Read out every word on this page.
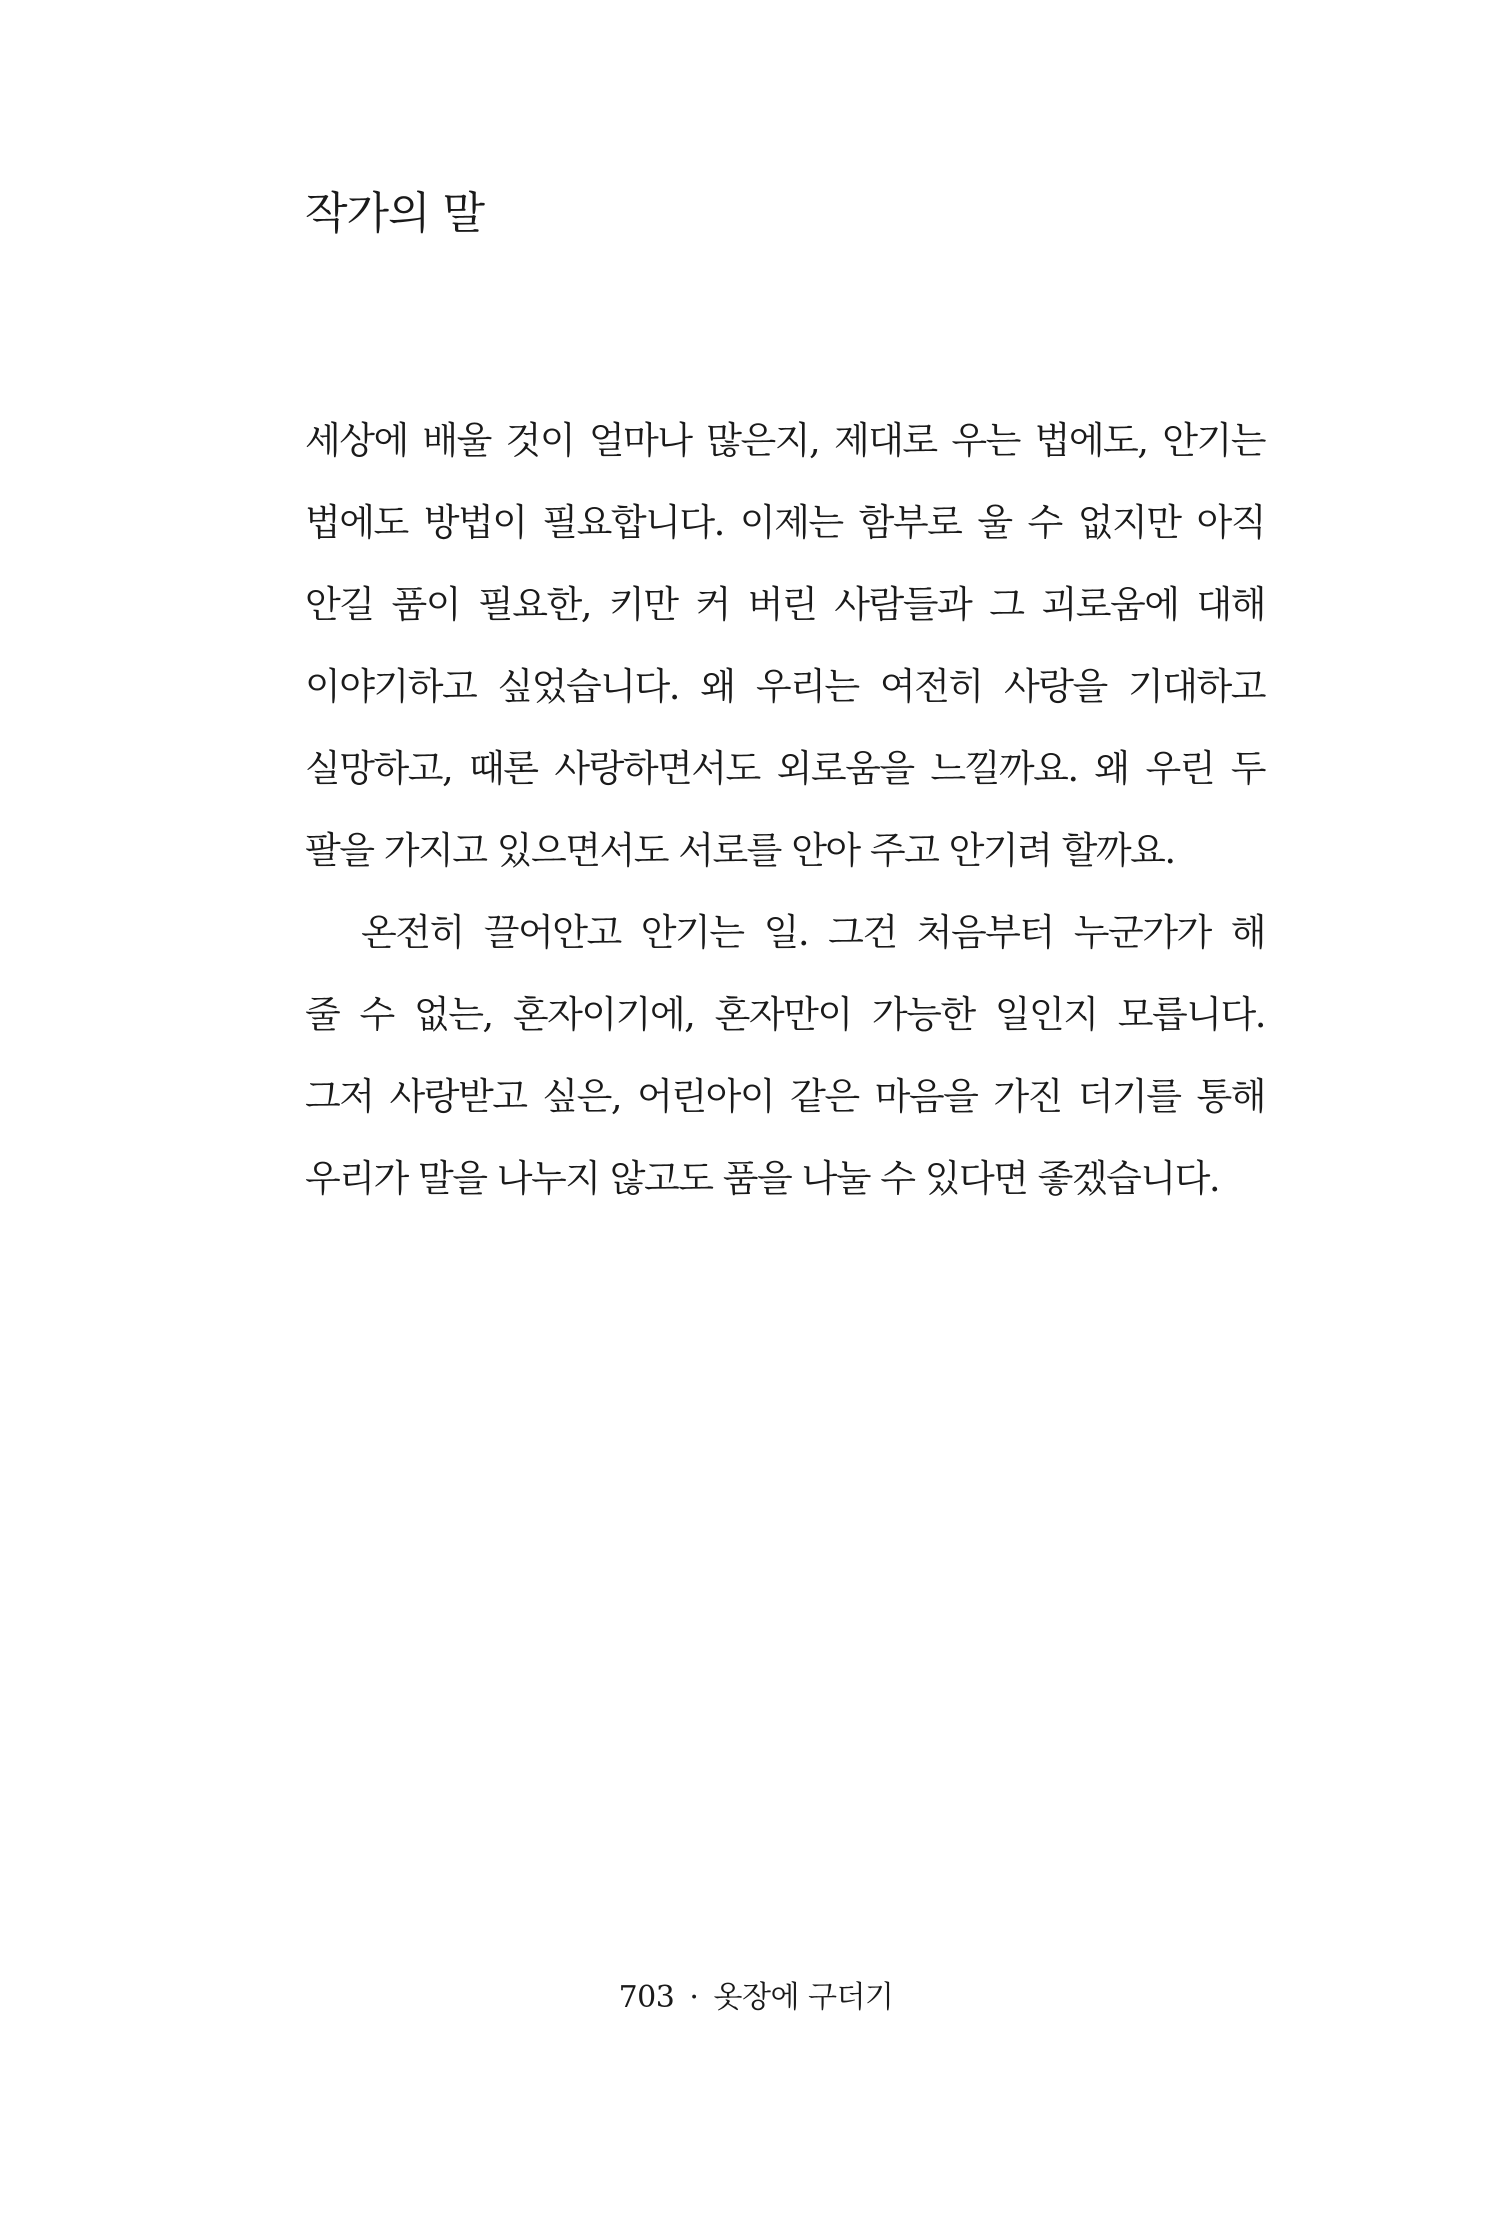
작가의 말
세상에 배울 것이 얼마나 많은지, 제대로 우는 법에도, 안기는
법에도 방법이 필요합니다. 이제는 함부로 울 수 없지만 아직
안길 품이 필요한, 키만 커 버린 사람들과 그 괴로움에 대해
이야기하고 싶었습니다. 왜 우리는 여전히 사랑을 기대하고
실망하고, 때론 사랑하면서도 외로움을 느낄까요. 왜 우린 두
팔을 가지고 있으면서도 서로를 안아 주고 안기려 할까요.
온전히 끌어안고 안기는 일. 그건 처음부터 누군가가 해
줄 수 없는, 혼자이기에, 혼자만이 가능한 일인지 모릅니다.
그저 사랑받고 싶은, 어린아이 같은 마음을 가진 더기를 통해
우리가 말을 나누지 않고도 품을 나눌 수 있다면 좋겠습니다.
703 · 옷장에 구더기
